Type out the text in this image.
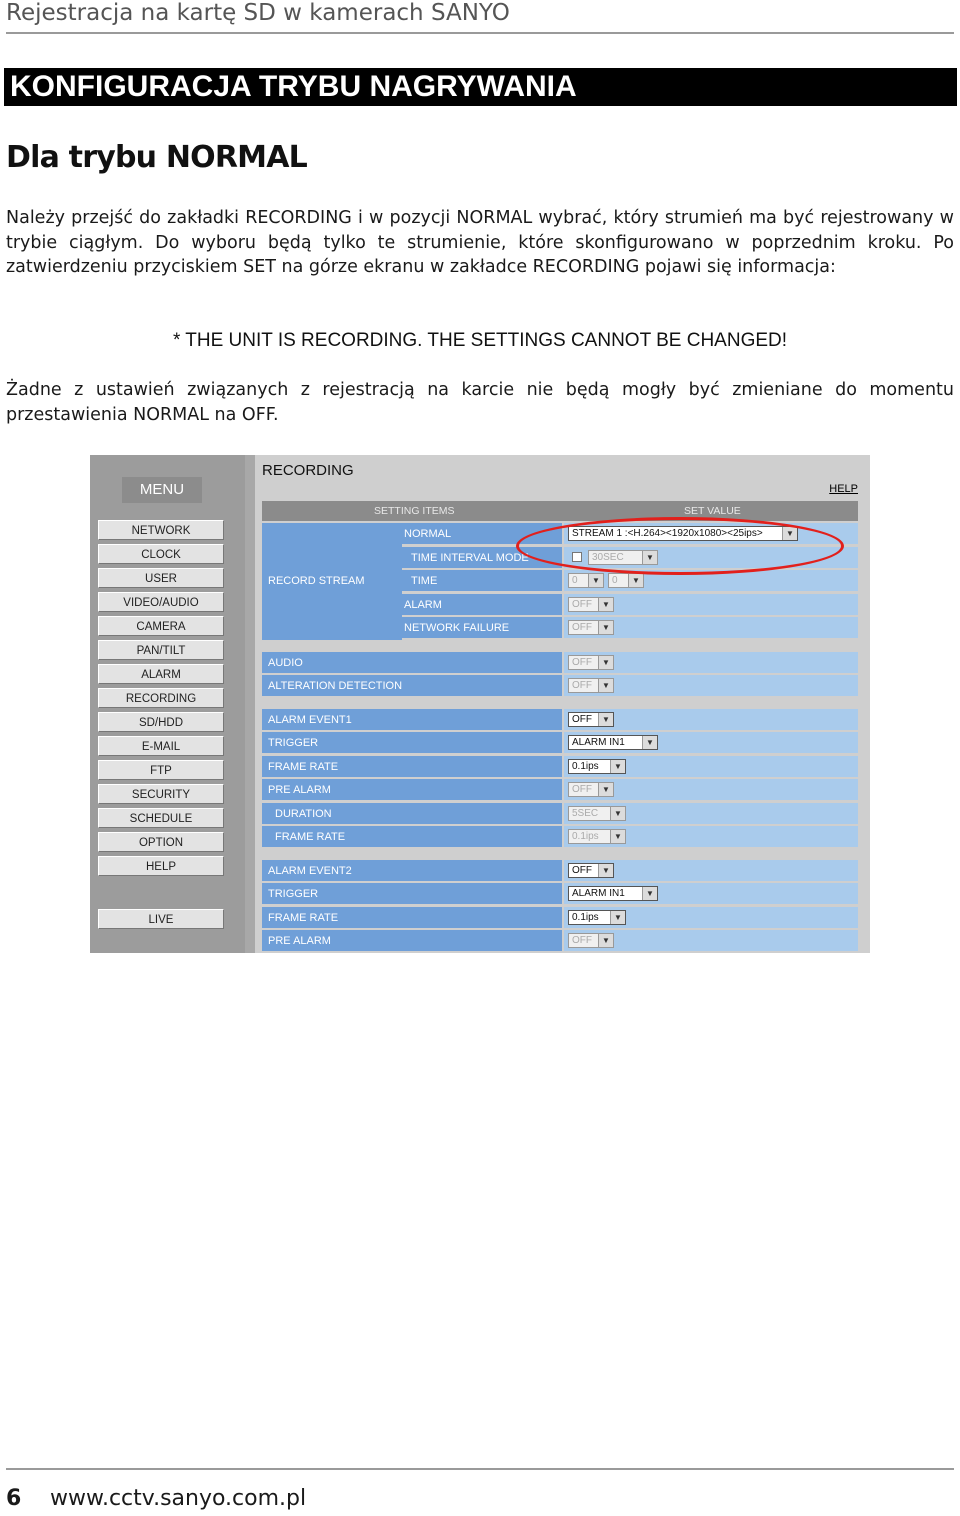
Rejestracja na kartę SD w kamerach SANYO
KONFIGURACJA TRYBU NAGRYWANIA
Dla trybu NORMAL
Należy przejść do zakładki RECORDING i w pozycji NORMAL wybrać, który strumień ma być rejestrowany w trybie ciągłym. Do wyboru będą tylko te strumienie, które skonfigurowano w poprzednim kroku. Po zatwierdzeniu przyciskiem SET na górze ekranu w zakładce RECORDING pojawi się informacja:
* THE UNIT IS RECORDING. THE SETTINGS CANNOT BE CHANGED!
Żadne z ustawień związanych z rejestracją na karcie nie będą mogły być zmieniane do momentu przestawienia NORMAL na OFF.
MENU
NETWORK
CLOCK
USER
VIDEO/AUDIO
CAMERA
PAN/TILT
ALARM
RECORDING
SD/HDD
E-MAIL
FTP
SECURITY
SCHEDULE
OPTION
HELP
LIVE
RECORDING
HELP
SETTING ITEMS	SET VALUE
RECORD STREAM
NORMAL	STREAM 1 :<H.264><1920x1080><25ips>	▼
TIME INTERVAL MODE	30SEC	▼
TIME	0	▼	0	▼
ALARM	OFF	▼
NETWORK FAILURE	OFF	▼
AUDIO	OFF	▼
ALTERATION DETECTION	OFF	▼
ALARM EVENT1	OFF	▼
TRIGGER	ALARM IN1	▼
FRAME RATE	0.1ips	▼
PRE ALARM	OFF	▼
DURATION	5SEC	▼
FRAME RATE	0.1ips	▼
ALARM EVENT2	OFF	▼
TRIGGER	ALARM IN1	▼
FRAME RATE	0.1ips	▼
PRE ALARM	OFF	▼
6 www.cctv.sanyo.com.pl
